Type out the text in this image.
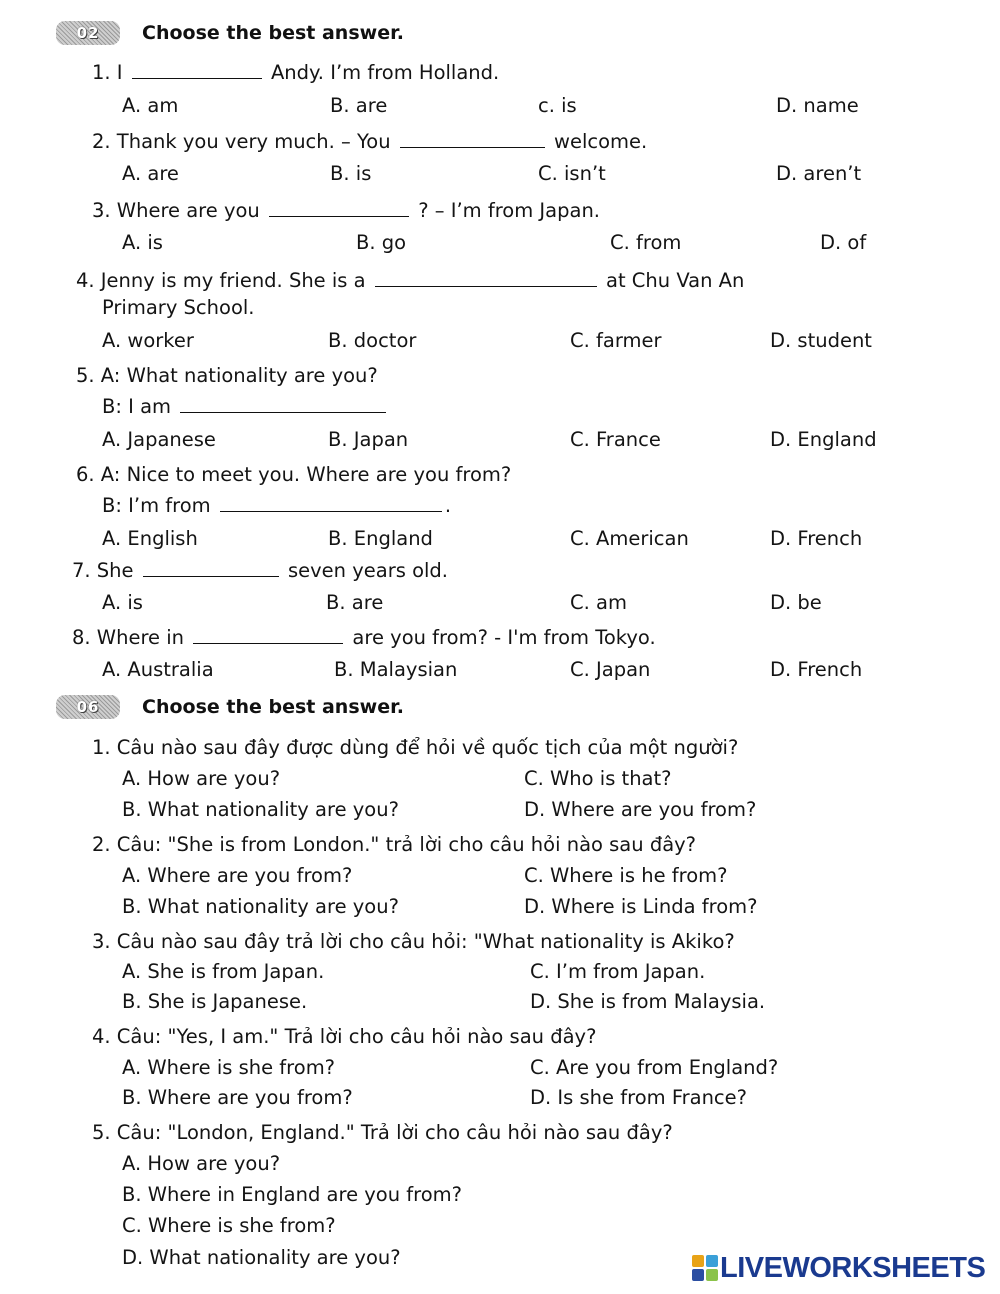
02	Choose the best answer.
1. I	Andy. I’m from Holland.
A. am	B. are	c. is	D. name
2. Thank you very much. – You	welcome.
A. are	B. is	C. isn’t	D. aren’t
3. Where are you	? – I’m from Japan.
A. is	B. go	C. from	D. of
4. Jenny is my friend. She is a	at Chu Van An
Primary School.
A. worker	B. doctor	C. farmer	D. student
5. A: What nationality are you?
B: I am
A. Japanese	B. Japan	C. France	D. England
6. A: Nice to meet you. Where are you from?
B: I’m from	.
A. English	B. England	C. American	D. French
7. She	seven years old.
A. is	B. are	C. am	D. be
8. Where in	are you from? - I'm from Tokyo.
A. Australia	B. Malaysian	C. Japan	D. French
06	Choose the best answer.
1. Câu nào sau đây được dùng để hỏi về quốc tịch của một người?
A. How are you?	C. Who is that?
B. What nationality are you?	D. Where are you from?
2. Câu: "She is from London." trả lời cho câu hỏi nào sau đây?
A. Where are you from?	C. Where is he from?
B. What nationality are you?	D. Where is Linda from?
3. Câu nào sau đây trả lời cho câu hỏi: "What nationality is Akiko?
A. She is from Japan.	C. I’m from Japan.
B. She is Japanese.	D. She is from Malaysia.
4. Câu: "Yes, I am." Trả lời cho câu hỏi nào sau đây?
A. Where is she from?	C. Are you from England?
B. Where are you from?	D. Is she from France?
5. Câu: "London, England." Trả lời cho câu hỏi nào sau đây?
A. How are you?
B. Where in England are you from?
C. Where is she from?
D. What nationality are you?	LIVEWORKSHEETS
